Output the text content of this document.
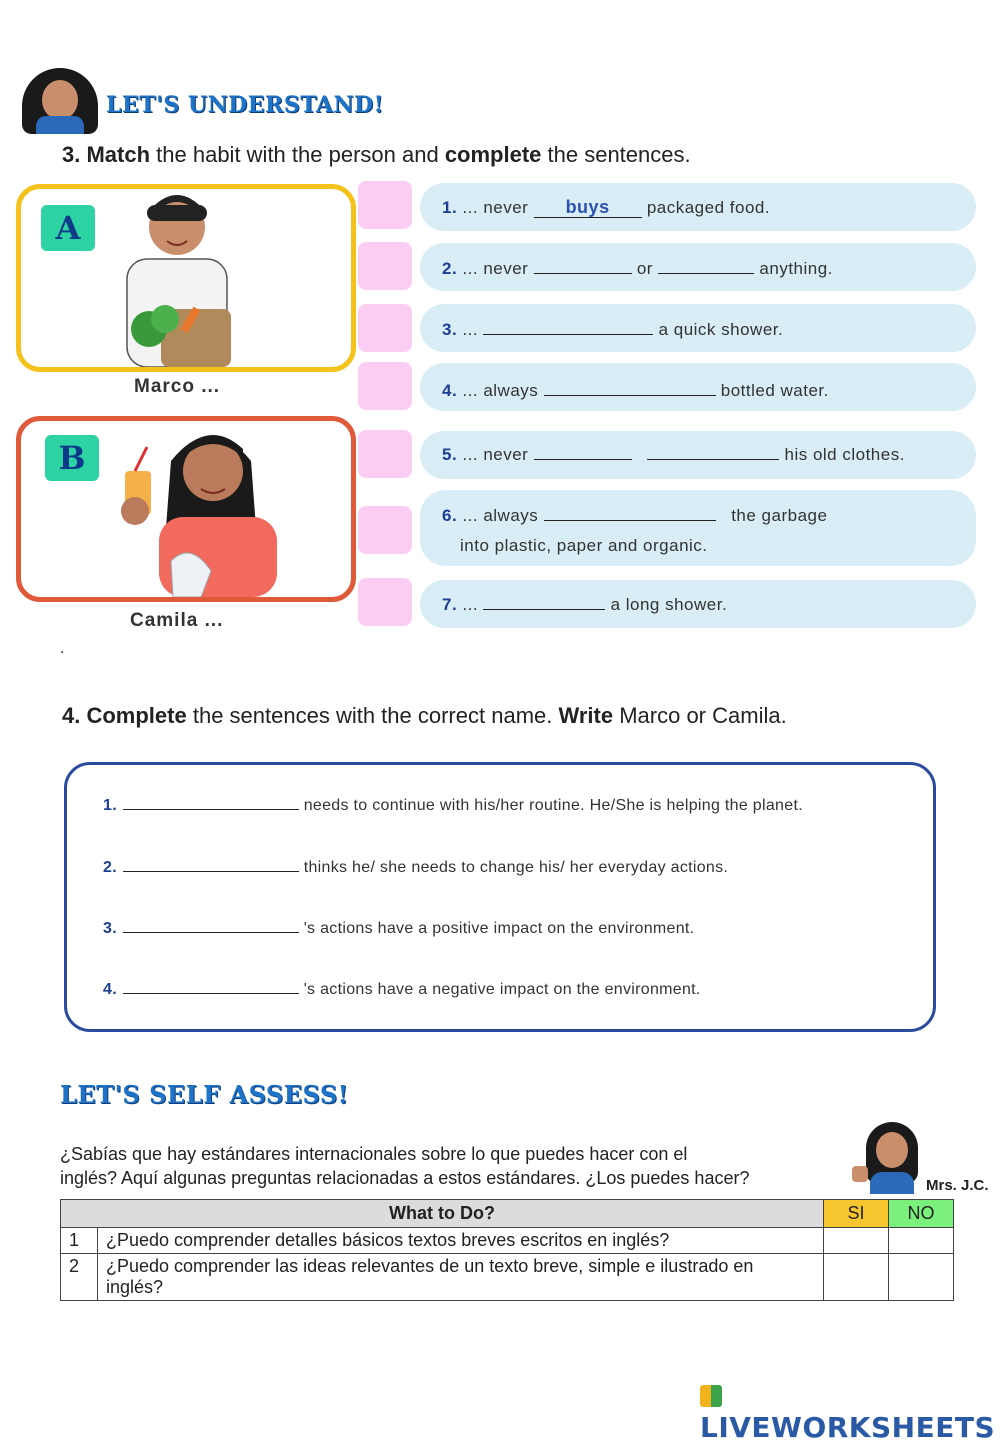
LET'S UNDERSTAND!
3. Match the habit with the person and complete the sentences.
A
Marco ...
B
Camila ...
1. ... never buys packaged food.
2. ... never	or	anything.
3. ...	a quick shower.
4. ... always	bottled water.
5. ... never	his old clothes.
6. ... always	the garbage
into plastic, paper and organic.
7. ...	a long shower.
.
4. Complete the sentences with the correct name. Write Marco or Camila.
1.	needs to continue with his/her routine. He/She is helping the planet.
2.	thinks he/ she needs to change his/ her everyday actions.
3.	's actions have a positive impact on the environment.
4.	's actions have a negative impact on the environment.
LET'S SELF ASSESS!
¿Sabías que hay estándares internacionales sobre lo que puedes hacer con el
inglés? Aquí algunas preguntas relacionadas a estos estándares. ¿Los puedes hacer?	Mrs. J.C.
What to Do?		SI	NO
1	¿Puedo comprender detalles básicos textos breves escritos en inglés?		
2	¿Puedo comprender las ideas relevantes de un texto breve, simple e ilustrado en inglés?		
LIVEWORKSHEETS
